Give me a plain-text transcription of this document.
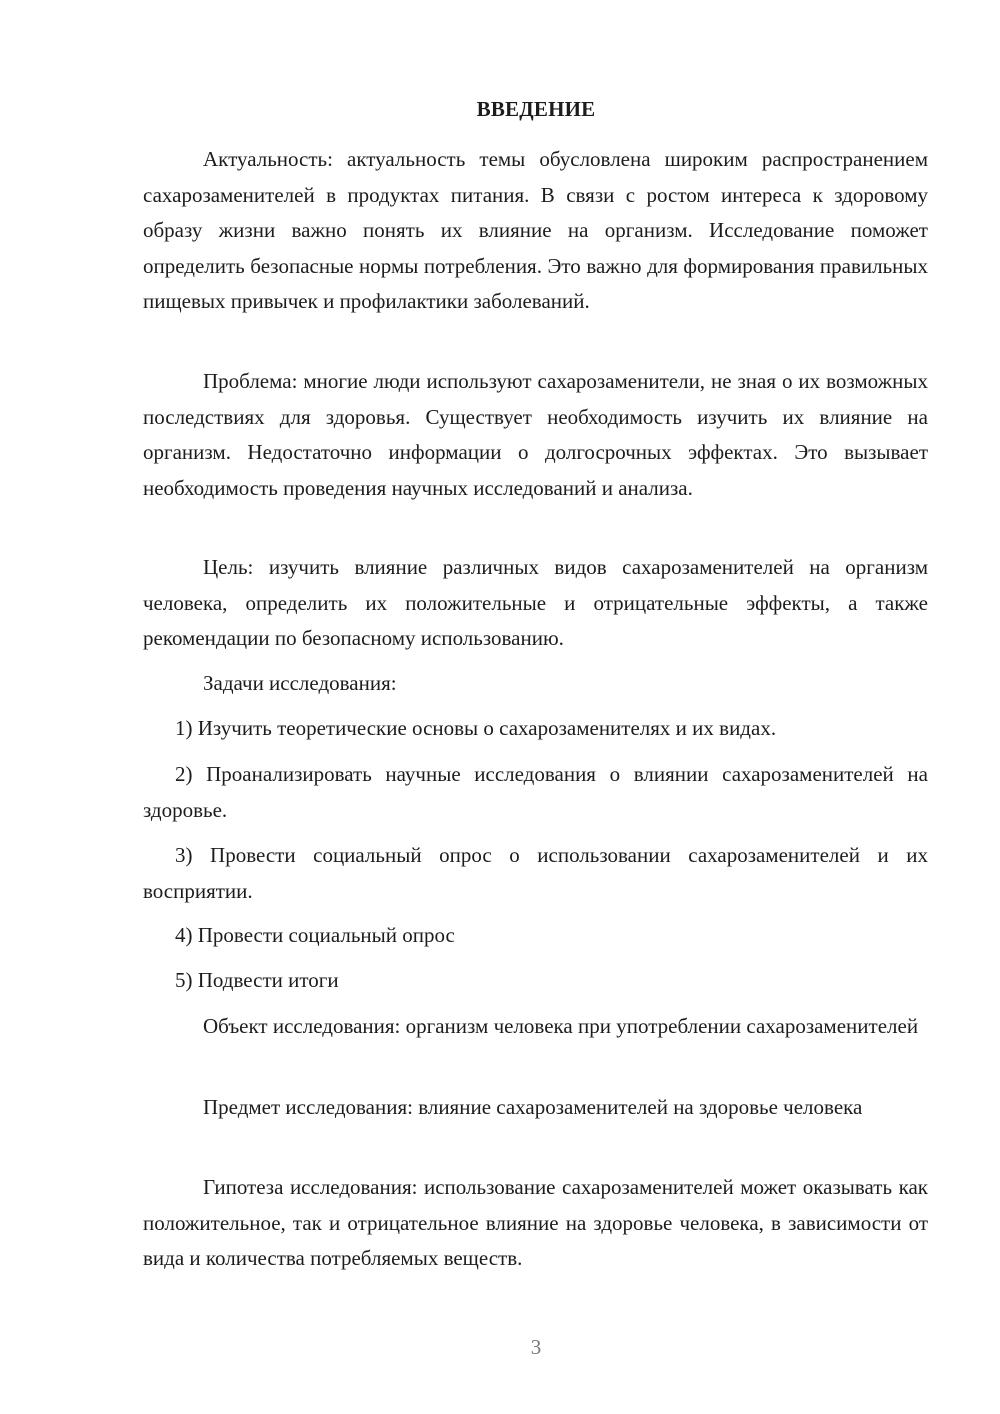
ВВЕДЕНИЕ

Актуальность: актуальность темы обусловлена широким распространением сахарозаменителей в продуктах питания. В связи с ростом интереса к здоровому образу жизни важно понять их влияние на организм. Исследование поможет определить безопасные нормы потребления. Это важно для формирования правильных пищевых привычек и профилактики заболеваний.

Проблема: многие люди используют сахарозаменители, не зная о их возможных последствиях для здоровья. Существует необходимость изучить их влияние на организм. Недостаточно информации о долгосрочных эффектах. Это вызывает необходимость проведения научных исследований и анализа.

Цель: изучить влияние различных видов сахарозаменителей на организм человека, определить их положительные и отрицательные эффекты, а также рекомендации по безопасному использованию.

Задачи исследования:

1) Изучить теоретические основы о сахарозаменителях и их видах.

2) Проанализировать научные исследования о влиянии сахарозаменителей на здоровье.

3) Провести социальный опрос о использовании сахарозаменителей и их восприятии.

4) Провести социальный опрос

5) Подвести итоги

Объект исследования: организм человека при употреблении сахарозаменителей

Предмет исследования: влияние сахарозаменителей на здоровье человека

Гипотеза исследования: использование сахарозаменителей может оказывать как положительное, так и отрицательное влияние на здоровье человека, в зависимости от вида и количества потребляемых веществ.

3
